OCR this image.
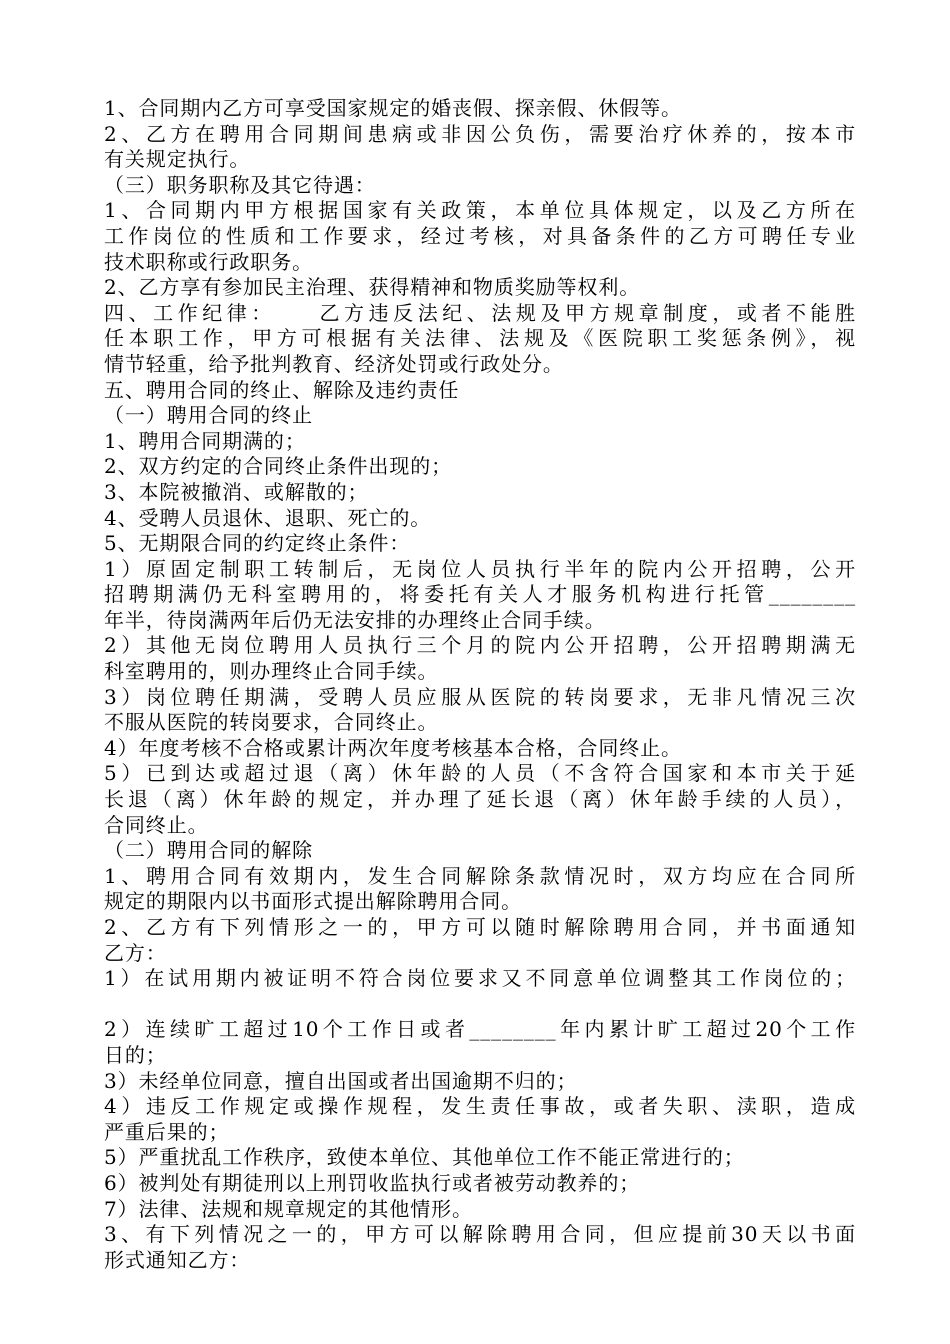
1、合同期内乙方可享受国家规定的婚丧假、探亲假、休假等。
2、乙方在聘用合同期间患病或非因公负伤，需要治疗休养的，按本市
有关规定执行。
（三）职务职称及其它待遇：
1、合同期内甲方根据国家有关政策，本单位具体规定，以及乙方所在
工作岗位的性质和工作要求，经过考核，对具备条件的乙方可聘任专业
技术职称或行政职务。
2、乙方享有参加民主治理、获得精神和物质奖励等权利。
四、工作纪律：    乙方违反法纪、法规及甲方规章制度，或者不能胜
任本职工作，甲方可根据有关法律、法规及《医院职工奖惩条例》，视
情节轻重，给予批判教育、经济处罚或行政处分。
五、聘用合同的终止、解除及违约责任
（一）聘用合同的终止
1、聘用合同期满的；
2、双方约定的合同终止条件出现的；
3、本院被撤消、或解散的；
4、受聘人员退休、退职、死亡的。
5、无期限合同的约定终止条件：
1）原固定制职工转制后，无岗位人员执行半年的院内公开招聘，公开
招聘期满仍无科室聘用的，将委托有关人才服务机构进行托管________
年半，待岗满两年后仍无法安排的办理终止合同手续。
2）其他无岗位聘用人员执行三个月的院内公开招聘，公开招聘期满无
科室聘用的，则办理终止合同手续。
3）岗位聘任期满，受聘人员应服从医院的转岗要求，无非凡情况三次
不服从医院的转岗要求，合同终止。
4）年度考核不合格或累计两次年度考核基本合格，合同终止。
5）已到达或超过退（离）休年龄的人员（不含符合国家和本市关于延
长退（离）休年龄的规定，并办理了延长退（离）休年龄手续的人员），
合同终止。
（二）聘用合同的解除
1、聘用合同有效期内，发生合同解除条款情况时，双方均应在合同所
规定的期限内以书面形式提出解除聘用合同。
2、乙方有下列情形之一的，甲方可以随时解除聘用合同，并书面通知
乙方：
1）在试用期内被证明不符合岗位要求又不同意单位调整其工作岗位的；
2）连续旷工超过10个工作日或者________年内累计旷工超过20个工作
日的；
3）未经单位同意，擅自出国或者出国逾期不归的；
4）违反工作规定或操作规程，发生责任事故，或者失职、渎职，造成
严重后果的；
5）严重扰乱工作秩序，致使本单位、其他单位工作不能正常进行的；
6）被判处有期徒刑以上刑罚收监执行或者被劳动教养的；
7）法律、法规和规章规定的其他情形。
3、有下列情况之一的，甲方可以解除聘用合同，但应提前30天以书面
形式通知乙方：
